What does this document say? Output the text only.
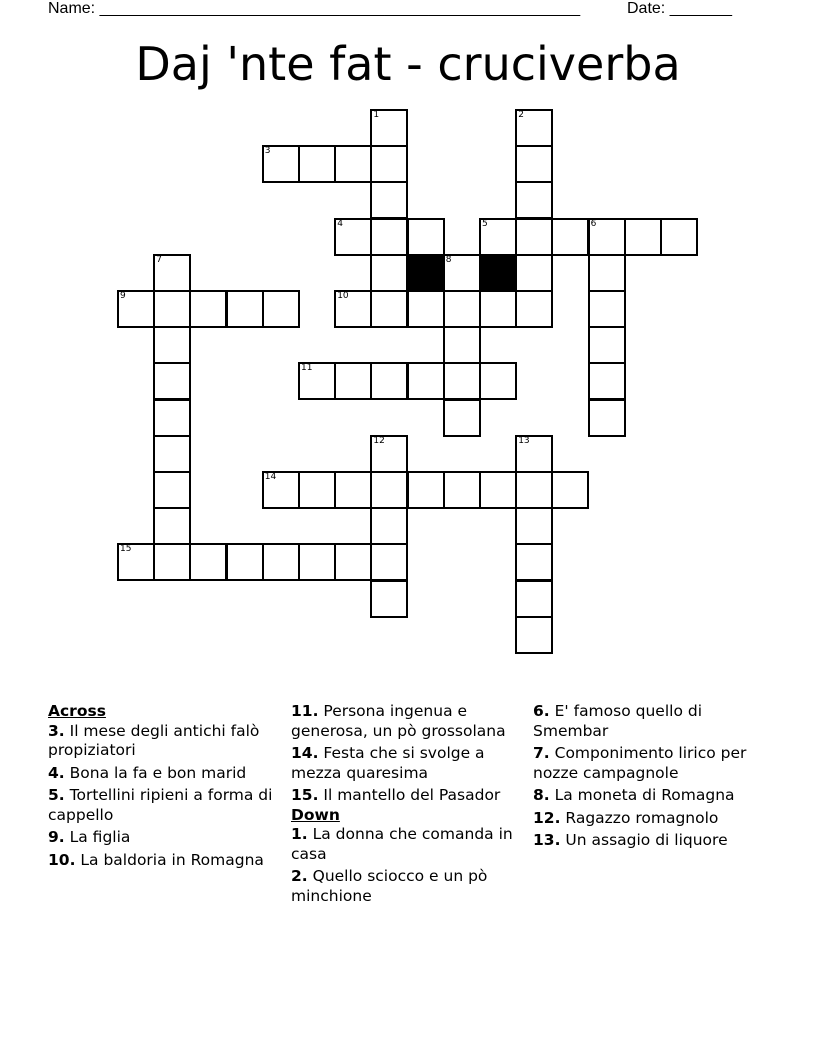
Name: ______________________________________________________	Date: _______
Daj 'nte fat - cruciverba
3
4	5	6
9	10
11
14
15
1	2
7	8
12	13

Across

3. Il mese degli antichi falò propiziatori
4. Bona la fa e bon marid
5. Tortellini ripieni a forma di cappello
9. La figlia
10. La baldoria in Romagna
11. Persona ingenua e generosa, un pò grossolana
14. Festa che si svolge a mezza quaresima
15. Il mantello del Pasador

Down

1. La donna che comanda in casa
2. Quello sciocco e un pò minchione
6. E' famoso quello di Smembar
7. Componimento lirico per nozze campagnole
8. La moneta di Romagna
12. Ragazzo romagnolo
13. Un assagio di liquore
